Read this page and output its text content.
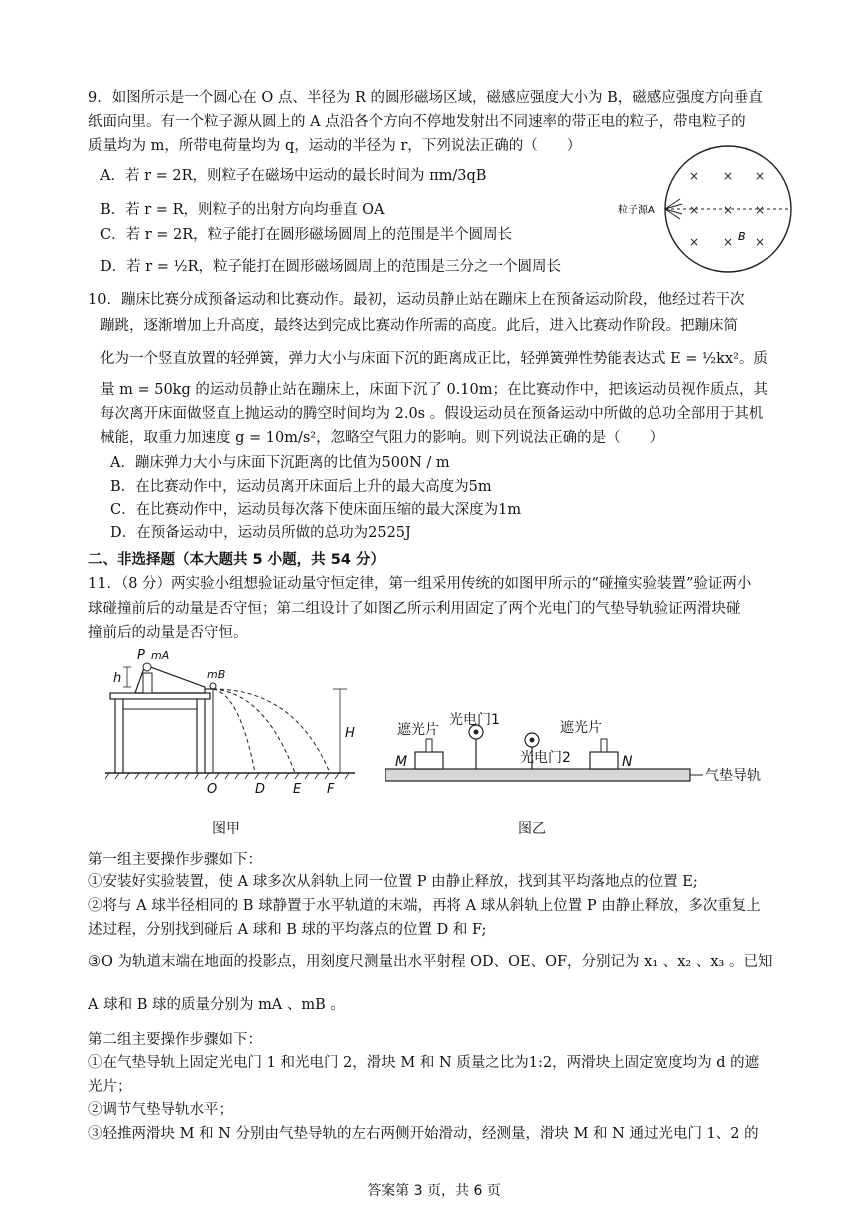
9．如图所示是一个圆心在 O 点、半径为 R 的圆形磁场区域，磁感应强度大小为 B，磁感应强度方向垂直
纸面向里。有一个粒子源从圆上的 A 点沿各个方向不停地发射出不同速率的带正电的粒子，带电粒子的
质量均为 m，所带电荷量均为 q，运动的半径为 r，下列说法正确的（　　）
A．若 r = 2R，则粒子在磁场中运动的最长时间为 πm/3qB
B．若 r = R，则粒子的出射方向均垂直 OA
C．若 r = 2R，粒子能打在圆形磁场圆周上的范围是半个圆周长
D．若 r = ½R，粒子能打在圆形磁场圆周上的范围是三分之一个圆周长
× × ×
× × ×
× × ×
粒子源A
B
10．蹦床比赛分成预备运动和比赛动作。最初，运动员静止站在蹦床上在预备运动阶段，他经过若干次
蹦跳，逐渐增加上升高度，最终达到完成比赛动作所需的高度。此后，进入比赛动作阶段。把蹦床简
化为一个竖直放置的轻弹簧，弹力大小与床面下沉的距离成正比，轻弹簧弹性势能表达式 E = ½kx²。质
量 m = 50kg 的运动员静止站在蹦床上，床面下沉了 0.10m；在比赛动作中，把该运动员视作质点，其
每次离开床面做竖直上抛运动的腾空时间均为 2.0s 。假设运动员在预备运动中所做的总功全部用于其机
械能，取重力加速度 g = 10m/s²，忽略空气阻力的影响。则下列说法正确的是（　　）
A．蹦床弹力大小与床面下沉距离的比值为500N / m
B．在比赛动作中，运动员离开床面后上升的最大高度为5m
C．在比赛动作中，运动员每次落下使床面压缩的最大深度为1m
D．在预备运动中，运动员所做的总功为2525J
二、非选择题（本大题共 5 小题，共 54 分）
11．（8 分）两实验小组想验证动量守恒定律，第一组采用传统的如图甲所示的“碰撞实验装置”验证两小
球碰撞前后的动量是否守恒；第二组设计了如图乙所示利用固定了两个光电门的气垫导轨验证两滑块碰
撞前后的动量是否守恒。
P mA
mB
h
H
O	D E F
图甲
遮光片
光电门1	遮光片
光电门2
M	N
气垫导轨
图乙
第一组主要操作步骤如下：
①安装好实验装置，使 A 球多次从斜轨上同一位置 P 由静止释放，找到其平均落地点的位置 E;
②将与 A 球半径相同的 B 球静置于水平轨道的末端，再将 A 球从斜轨上位置 P 由静止释放，多次重复上
述过程，分别找到碰后 A 球和 B 球的平均落点的位置 D 和 F;
③O 为轨道末端在地面的投影点，用刻度尺测量出水平射程 OD、OE、OF，分别记为 x₁ 、x₂ 、x₃ 。已知
A 球和 B 球的质量分别为 mA 、mB 。
第二组主要操作步骤如下：
①在气垫导轨上固定光电门 1 和光电门 2，滑块 M 和 N 质量之比为1:2，两滑块上固定宽度均为 d 的遮
光片；
②调节气垫导轨水平；
③轻推两滑块 M 和 N 分别由气垫导轨的左右两侧开始滑动，经测量，滑块 M 和 N 通过光电门 1、2 的
答案第 3 页，共 6 页
